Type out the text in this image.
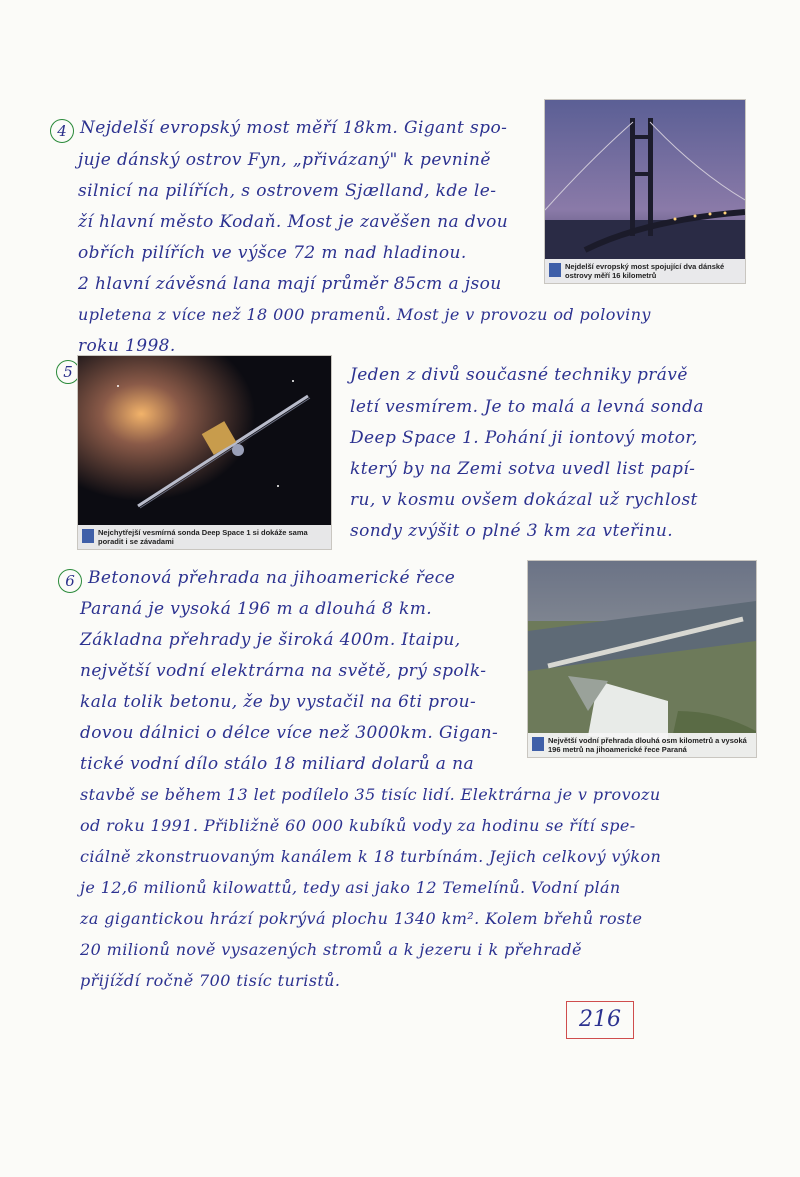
4 Nejdelší evropský most měří 18km. Gigant spo-
juje dánský ostrov Fyn, „přivázaný" k pevnině
silnicí na pilířích, s ostrovem Sjælland, kde le-
ží hlavní město Kodaň. Most je zavěšen na dvou
obřích pilířích ve výšce 72 m nad hladinou.
2 hlavní závěsná lana mají průměr 85cm a jsou
upletena z více než 18 000 pramenů. Most je v provozu od poloviny
roku 1998.
Nejdelší evropský most spojující dva dánské ostrovy měří 16 kilometrů
5
Nejchytřejší vesmírná sonda Deep Space 1 si dokáže sama poradit i se závadami
Jeden z divů současné techniky právě
letí vesmírem. Je to malá a levná sonda
Deep Space 1. Pohání ji iontový motor,
který by na Zemi sotva uvedl list papí-
ru, v kosmu ovšem dokázal už rychlost
sondy zvýšit o plné 3 km za vteřinu.
6 Betonová přehrada na jihoamerické řece
Paraná je vysoká 196 m a dlouhá 8 km.
Základna přehrady je široká 400m. Itaipu,
největší vodní elektrárna na světě, prý spolk-
kala tolik betonu, že by vystačil na 6ti prou-
dovou dálnici o délce více než 3000km. Gigan-
tické vodní dílo stálo 18 miliard dolarů a na
stavbě se během 13 let podílelo 35 tisíc lidí. Elektrárna je v provozu
od roku 1991. Přibližně 60 000 kubíků vody za hodinu se řítí spe-
ciálně zkonstruovaným kanálem k 18 turbínám. Jejich celkový výkon
je 12,6 milionů kilowattů, tedy asi jako 12 Temelínů. Vodní plán
za gigantickou hrází pokrývá plochu 1340 km². Kolem břehů roste
20 milionů nově vysazených stromů a k jezeru i k přehradě
přijíždí ročně 700 tisíc turistů.
Největší vodní přehrada dlouhá osm kilometrů a vysoká 196 metrů na jihoamerické řece Paraná
216
